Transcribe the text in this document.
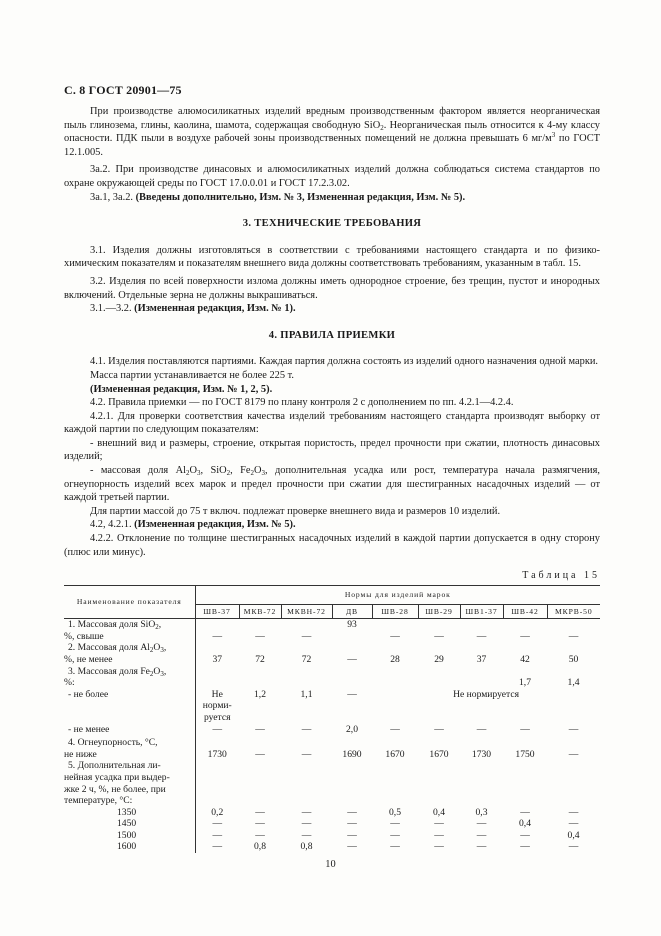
С. 8 ГОСТ 20901—75

При производстве алюмосиликатных изделий вредным производственным фактором является неорганическая пыль глинозема, глины, каолина, шамота, содержащая свободную SiO$_2$. Неорганическая пыль относится к 4-му классу опасности. ПДК пыли в воздухе рабочей зоны производственных помещений не должна превышать 6 $мг/м^3$ по ГОСТ 12.1.005.

3а.2. При производстве динасовых и алюмосиликатных изделий должна соблюдаться система стандартов по охране окружающей среды по ГОСТ 17.0.0.01 и ГОСТ 17.2.3.02.

3а.1, 3а.2. (Введены дополнительно, Изм. № 3, Измененная редакция, Изм. № 5).

3. ТЕХНИЧЕСКИЕ ТРЕБОВАНИЯ

3.1. Изделия должны изготовляться в соответствии с требованиями настоящего стандарта и по физико-химическим показателям и показателям внешнего вида должны соответствовать требованиям, указанным в табл. 15.

3.2. Изделия по всей поверхности излома должны иметь однородное строение, без трещин, пустот и инородных включений. Отдельные зерна не должны выкрашиваться.

3.1.—3.2. (Измененная редакция, Изм. № 1).

4. ПРАВИЛА ПРИЕМКИ

4.1. Изделия поставляются партиями. Каждая партия должна состоять из изделий одного назначения одной марки.

Масса партии устанавливается не более 225 т.

(Измененная редакция, Изм. № 1, 2, 5).

4.2. Правила приемки — по ГОСТ 8179 по плану контроля 2 с дополнением по пп. 4.2.1—4.2.4.

4.2.1. Для проверки соответствия качества изделий требованиям настоящего стандарта производят выборку от каждой партии по следующим показателям:

- внешний вид и размеры, строение, открытая пористость, предел прочности при сжатии, плотность динасовых изделий;

- массовая доля $Al_2O_3$, SiO$_2$, $Fe_2O_3$, дополнительная усадка или рост, температура начала размягчения, огнеупорность изделий всех марок и предел прочности при сжатии для шестигранных насадочных изделий — от каждой третьей партии.

Для партии массой до 75 т включ. подлежат проверке внешнего вида и размеров 10 изделий.

4.2, 4.2.1. (Измененная редакция, Изм. № 5).

4.2.2. Отклонение по толщине шестигранных насадочных изделий в каждой партии допускается в одну сторону (плюс или минус).

Таблица 15
Наименование показателя	Нормы для изделий марок								
	ШВ-37	МКВ-72	МКВН-72	ДВ	ШВ-28	ШВ-29	ШВ1-37	ШВ-42	МКРВ-50

1. Массовая доля SiO$_2$,
%, свыше	—	—	—	93	—	—	—	—	—

2. Массовая доля $Al_2O_3$,
%, не менее	37	72	72	—	28	29	37	42	50

3. Массовая доля $Fe_2O_3$,
%:								1,7	1,4

- не более	Не
норми-
руется	1,2	1,1	—	Не нормируется				

- не менее	—	—	—	2,0	—	—	—	—	—

4. Огнеупорность, °С,
не ниже	1730	—	—	1690	1670	1670	1730	1750	—

5. Дополнительная ли-
нейная усадка при выдер-
жке 2 ч, %, не более, при
температуре, °С:									

1350	0,2	—	—	—	0,5	0,4	0,3	—	—

1450	—	—	—	—	—	—	—	0,4	—

1500	—	—	—	—	—	—	—	—	0,4

1600	—	0,8	0,8	—	—	—	—	—	—
10
